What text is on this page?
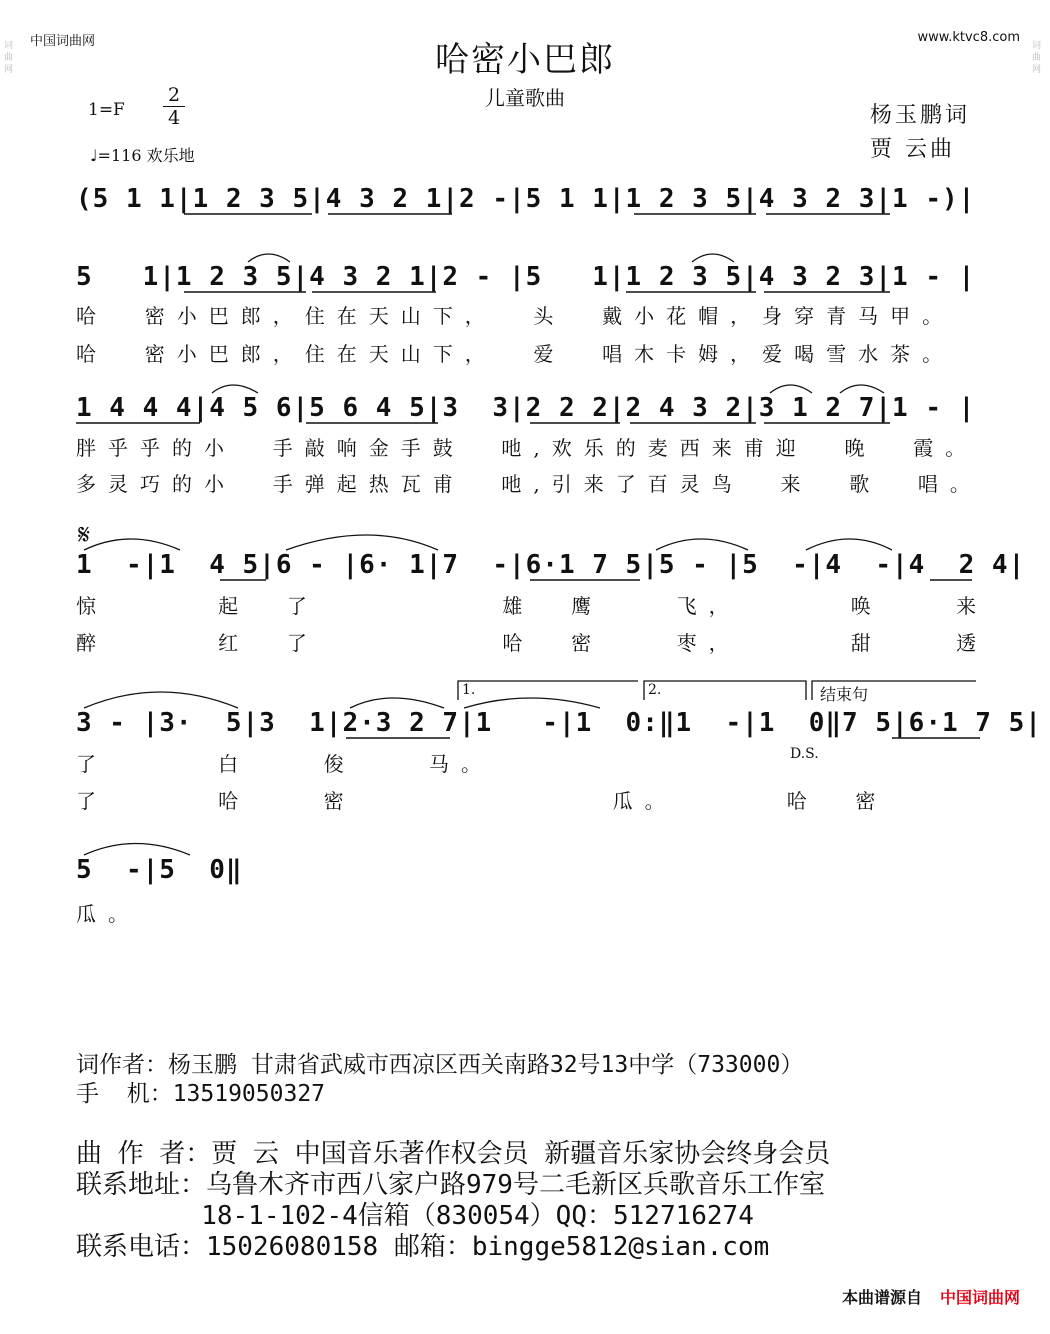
中国词曲网	www.ktvc8.com
哈密小巴郎
儿童歌曲
1=F
2
4
♩=116 欢乐地
杨玉鹏词
贾 云曲
(5 1 1|1 2 3 5|4 3 2 1|2 -|5 1 1|1 2 3 5|4 3 2 3|1 -)|
5   1|1 2 3 5|4 3 2 1|2 - |5   1|1 2 3 5|4 3 2 3|1 - |
哈  密小巴郎，住在天山下，  头  戴小花帽，身穿青马甲。
哈  密小巴郎，住在天山下，  爱  唱木卡姆，爱喝雪水茶。
1 4 4 4|4 5 6|5 6 4 5|3  3|2 2 2|2 4 3 2|3 1 2 7|1 - |
胖乎乎的小  手敲响金手鼓  吔,欢乐的麦西来甫迎  晚  霞。
多灵巧的小  手弹起热瓦甫  吔,引来了百灵鸟  来  歌  唱。
𝄋
1  -|1  4 5|6 - |6· 1|7  -|6·1 7 5|5 - |5  -|4  -|4  2 4|
惊      起  了          雄  鹰    飞，      唤    来
醉      红  了          哈  密    枣，      甜    透
1.	2.	结束句
3 - |3·  5|3  1|2·3 2 7|1   -|1  0:‖1  -|1  0‖7 5|6·1 7 5|
D.S.
了      白    俊    马。
了      哈    密              瓜。      哈  密
5  -|5  0‖
瓜。
词作者：杨玉鹏 甘肃省武威市西凉区西关南路32号13中学（733000）
手  机：13519050327
曲 作 者：贾 云 中国音乐著作权会员 新疆音乐家协会终身会员
联系地址：乌鲁木齐市西八家户路979号二毛新区兵歌音乐工作室
18-1-102-4信箱（830054）QQ：512716274
联系电话：15026080158 邮箱：bingge5812@sian.com
本曲谱源自 中国词曲网
词曲网
词曲网
